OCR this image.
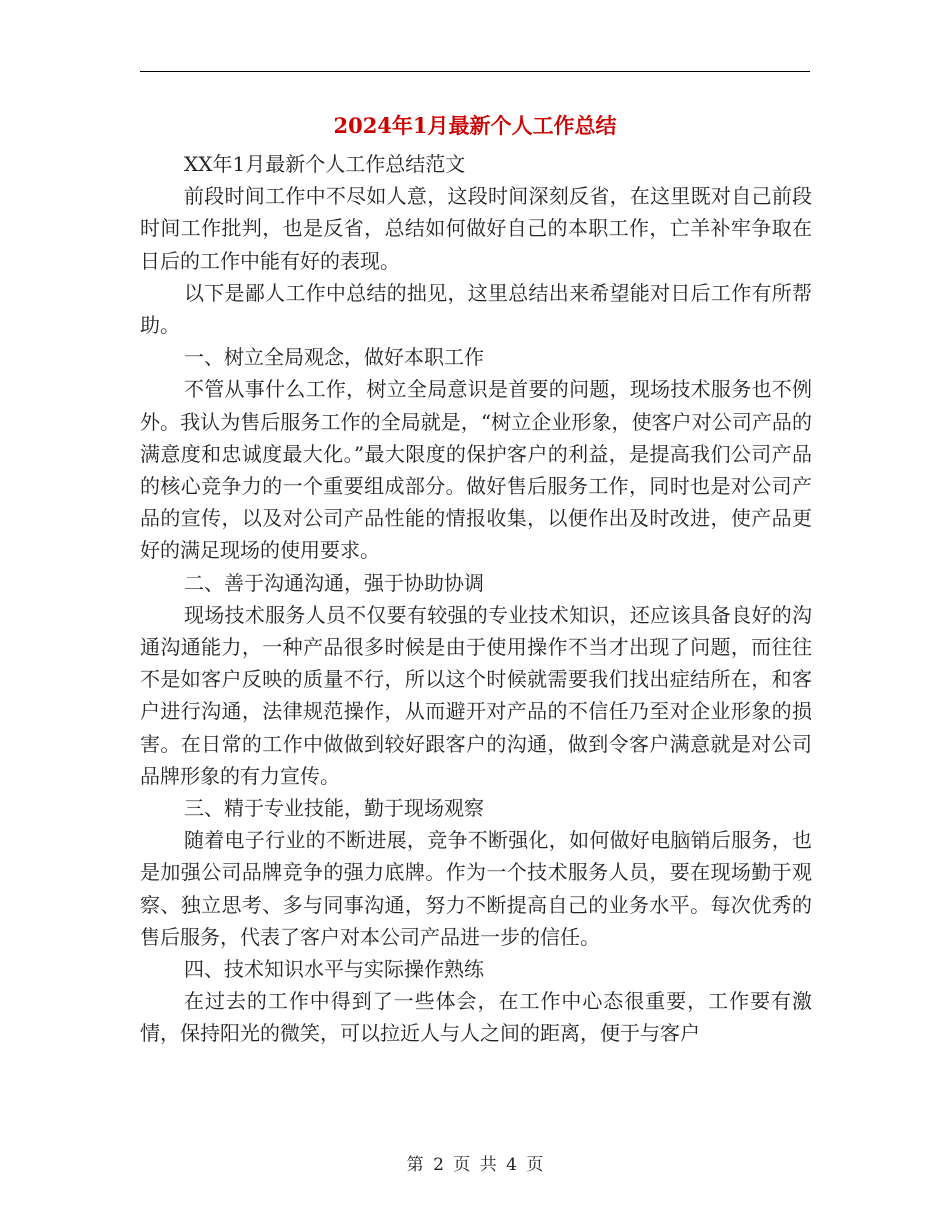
2024年1月最新个人工作总结

XX年1月最新个人工作总结范文

前段时间工作中不尽如人意，这段时间深刻反省，在这里既对自己前段时间工作批判，也是反省，总结如何做好自己的本职工作，亡羊补牢争取在日后的工作中能有好的表现。

以下是鄙人工作中总结的拙见，这里总结出来希望能对日后工作有所帮助。

一、树立全局观念，做好本职工作

不管从事什么工作，树立全局意识是首要的问题，现场技术服务也不例外。我认为售后服务工作的全局就是，“树立企业形象，使客户对公司产品的满意度和忠诚度最大化。”最大限度的保护客户的利益，是提高我们公司产品的核心竞争力的一个重要组成部分。做好售后服务工作，同时也是对公司产品的宣传，以及对公司产品性能的情报收集，以便作出及时改进，使产品更好的满足现场的使用要求。

二、善于沟通沟通，强于协助协调

现场技术服务人员不仅要有较强的专业技术知识，还应该具备良好的沟通沟通能力，一种产品很多时候是由于使用操作不当才出现了问题，而往往不是如客户反映的质量不行，所以这个时候就需要我们找出症结所在，和客户进行沟通，法律规范操作，从而避开对产品的不信任乃至对企业形象的损害。在日常的工作中做做到较好跟客户的沟通，做到令客户满意就是对公司品牌形象的有力宣传。

三、精于专业技能，勤于现场观察

随着电子行业的不断进展，竞争不断强化，如何做好电脑销后服务，也是加强公司品牌竞争的强力底牌。作为一个技术服务人员，要在现场勤于观察、独立思考、多与同事沟通，努力不断提高自己的业务水平。每次优秀的售后服务，代表了客户对本公司产品进一步的信任。

四、技术知识水平与实际操作熟练

在过去的工作中得到了一些体会，在工作中心态很重要，工作要有激情，保持阳光的微笑，可以拉近人与人之间的距离，便于与客户

第 2 页 共 4 页
